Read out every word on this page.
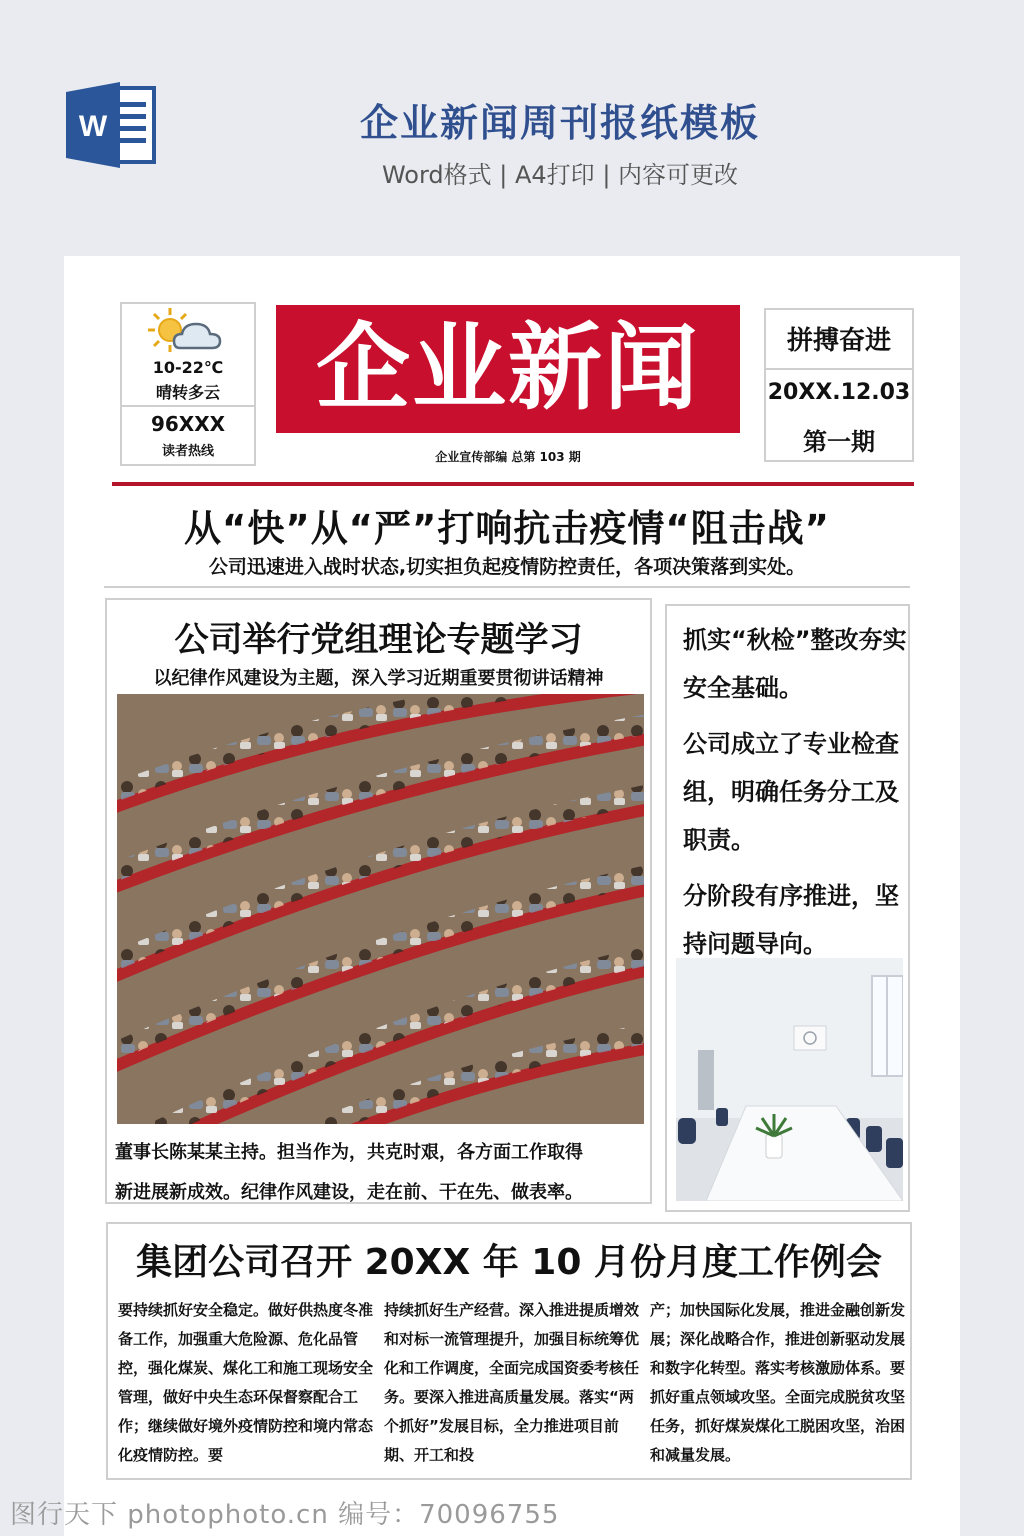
W	企业新闻周刊报纸模板
Word格式 | A4打印 | 内容可更改
10-22℃
晴转多云
96XXX
读者热线
企业新闻
企业宣传部编 总第 103 期
拼搏奋进
20XX.12.03
第一期
从“快”从“严”打响抗击疫情“阻击战”
公司迅速进入战时状态,切实担负起疫情防控责任，各项决策落到实处。
公司举行党组理论专题学习
以纪律作风建设为主题，深入学习近期重要贯彻讲话精神
董事长陈某某主持。担当作为，共克时艰，各方面工作取得
新进展新成效。纪律作风建设，走在前、干在先、做表率。
抓实“秋检”整改夯实安全基础。
公司成立了专业检查组，明确任务分工及职责。
分阶段有序推进，坚持问题导向。
集团公司召开 20XX 年 10 月份月度工作例会
要持续抓好安全稳定。做好供热度冬准备工作，加强重大危险源、危化品管控，强化煤炭、煤化工和施工现场安全管理，做好中央生态环保督察配合工作；继续做好境外疫情防控和境内常态化疫情防控。要
持续抓好生产经营。深入推进提质增效和对标一流管理提升，加强目标统筹优化和工作调度，全面完成国资委考核任务。要深入推进高质量发展。落实“两个抓好”发展目标，全力推进项目前期、开工和投
产；加快国际化发展，推进金融创新发展；深化战略合作，推进创新驱动发展和数字化转型。落实考核激励体系。要抓好重点领域攻坚。全面完成脱贫攻坚任务，抓好煤炭煤化工脱困攻坚，治困和减量发展。
图行天下 photophoto.cn 编号：70096755
